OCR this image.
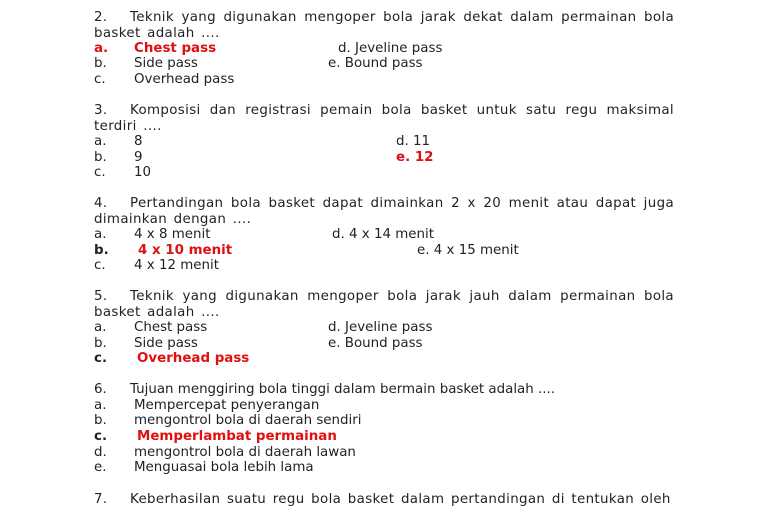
2. Teknik yang digunakan mengoper bola jarak dekat dalam permainan bola basket adalah ....
a. Chest pass
b. Side pass
c. Overhead pass
d. Jeveline pass
e. Bound pass
3. Komposisi dan registrasi pemain bola basket untuk satu regu maksimal terdiri ....
a. 8
b. 9
c. 10
d. 11
e. 12
4. Pertandingan bola basket dapat dimainkan 2 x 20 menit atau dapat juga dimainkan dengan ....
a. 4 x 8 menit
b. 4 x 10 menit
c. 4 x 12 menit
d. 4 x 14 menit
e. 4 x 15 menit
5. Teknik yang digunakan mengoper bola jarak jauh dalam permainan bola basket adalah ....
a. Chest pass
b. Side pass
c. Overhead pass
d. Jeveline pass
e. Bound pass
6. Tujuan menggiring bola tinggi dalam bermain basket adalah ....
a. Mempercepat penyerangan
b. mengontrol bola di daerah sendiri
c. Memperlambat permainan
d. mengontrol bola di daerah lawan
e. Menguasai bola lebih lama
7. Keberhasilan suatu regu bola basket dalam pertandingan di tentukan oleh
